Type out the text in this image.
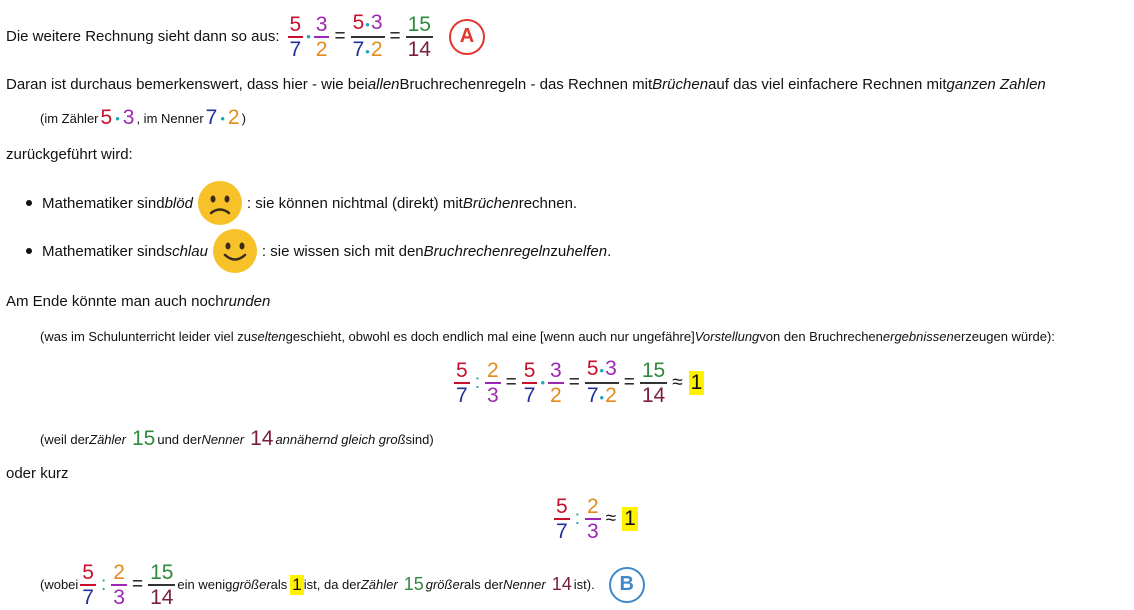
Die weitere Rechnung sieht dann so aus: $\frac{5}{7}$ • $\frac{3}{2} = \frac{5•3}{7•2} = \frac{15}{14}$	A
Daran ist durchaus bemerkenswert, dass hier - wie bei allen Bruchrechenregeln - das Rechnen mit Brüchen auf das viel einfachere Rechnen mit ganzen Zahlen
(im Zähler 5 • 3 , im Nenner 7 • 2 )
zurückgeführt wird:
Mathematiker sind blöd	: sie können nichtmal (direkt) mit Brüchen rechnen.
Mathematiker sind schlau	: sie wissen sich mit den Bruchrechenregeln zu helfen .
Am Ende könnte man auch noch runden
(was im Schulunterricht leider viel zu selten geschieht, obwohl es doch endlich mal eine [wenn auch nur ungefähre] Vorstellung von den Bruchrechen ergebnissen erzeugen würde):
$\frac{5}{7}$ : $\frac{2}{3} = \frac{5}{7}$ • $\frac{3}{2} = \frac{5•3}{7•2} = \frac{15}{14} \approx 1$
(weil der Zähler 15 und der Nenner 14 annähernd gleich groß sind)
oder kurz
$\frac{5}{7}$ : $\frac{2}{3} \approx 1$
(wobei $\frac{5}{7}$ : $\frac{2}{3} = \frac{15}{14}$ ein wenig größer als 1 ist, da der Zähler 15 größer als der Nenner 14 ist).	B
